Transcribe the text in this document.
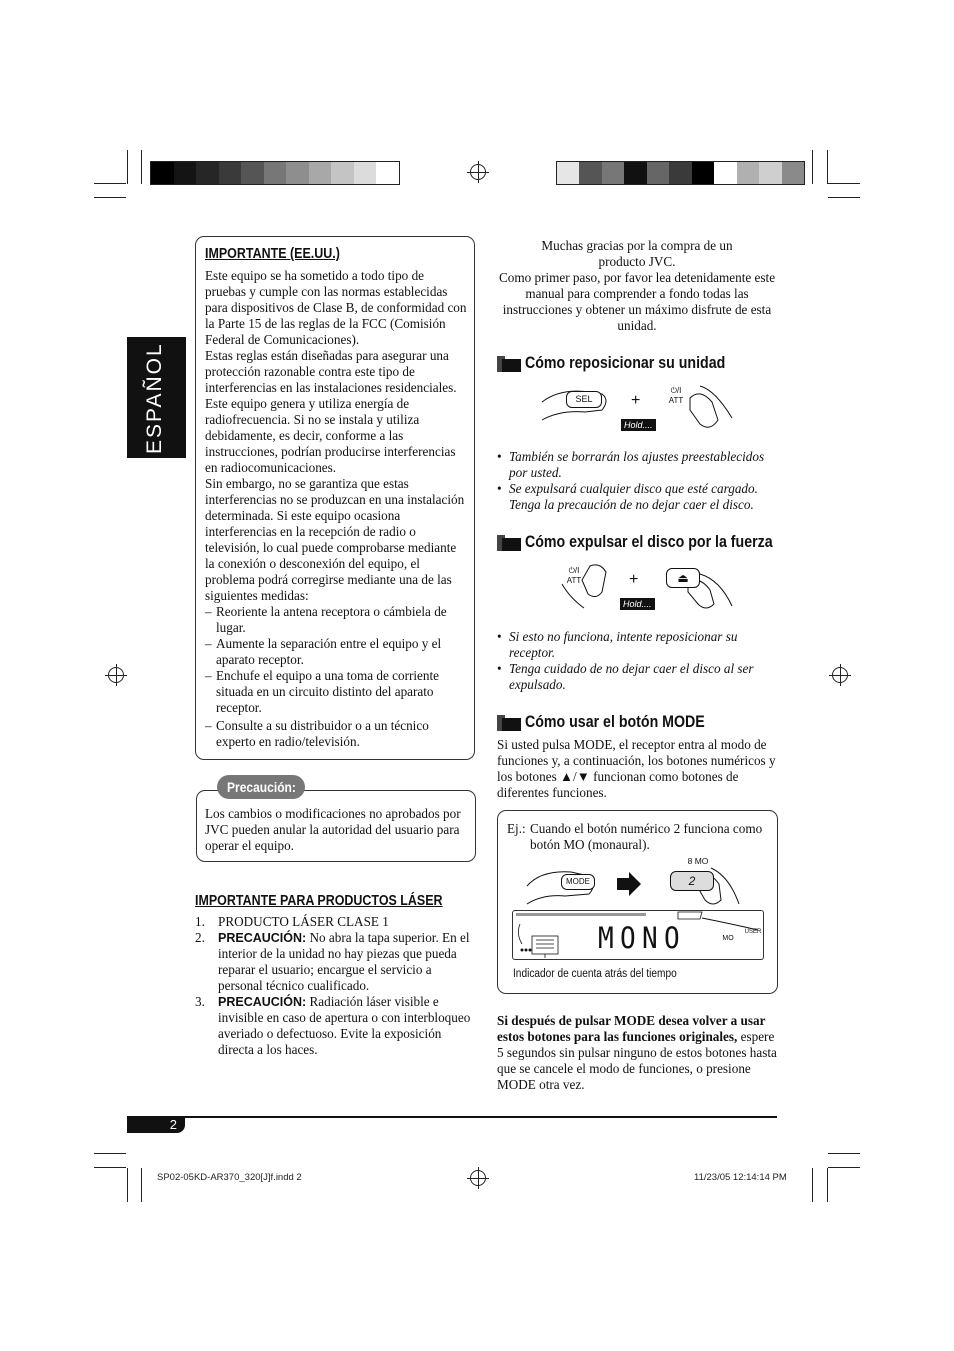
ESPAÑOL
IMPORTANTE (EE.UU.)
Este equipo se ha sometido a todo tipo de pruebas y cumple con las normas establecidas para dispositivos de Clase B, de conformidad con la Parte 15 de las reglas de la FCC (Comisión Federal de Comunicaciones).
Estas reglas están diseñadas para asegurar una protección razonable contra este tipo de interferencias en las instalaciones residenciales. Este equipo genera y utiliza energía de radiofrecuencia. Si no se instala y utiliza debidamente, es decir, conforme a las instrucciones, podrían producirse interferencias en radiocomunicaciones.
Sin embargo, no se garantiza que estas interferencias no se produzcan en una instalación determinada. Si este equipo ocasiona interferencias en la recepción de radio o televisión, lo cual puede comprobarse mediante la conexión o desconexión del equipo, el problema podrá corregirse mediante una de las siguientes medidas:
– Reoriente la antena receptora o cámbiela de lugar.
– Aumente la separación entre el equipo y el aparato receptor.
– Enchufe el equipo a una toma de corriente situada en un circuito distinto del aparato receptor.
– Consulte a su distribuidor o a un técnico experto en radio/televisión.
Precaución:
Los cambios o modificaciones no aprobados por JVC pueden anular la autoridad del usuario para operar el equipo.
IMPORTANTE PARA PRODUCTOS LÁSER
1. PRODUCTO LÁSER CLASE 1
2. PRECAUCIÓN: No abra la tapa superior. En el interior de la unidad no hay piezas que pueda reparar el usuario; encargue el servicio a personal técnico cualificado.
3. PRECAUCIÓN: Radiación láser visible e invisible en caso de apertura o con interbloqueo averiado o defectuoso. Evite la exposición directa a los haces.
Muchas gracias por la compra de un producto JVC.
Como primer paso, por favor lea detenidamente este manual para comprender a fondo todas las instrucciones y obtener un máximo disfrute de esta unidad.
Cómo reposicionar su unidad
SEL	+
⏻/I
ATT
Hold....
• También se borrarán los ajustes preestablecidos por usted.
• Se expulsará cualquier disco que esté cargado. Tenga la precaución de no dejar caer el disco.
Cómo expulsar el disco por la fuerza
⏻/I
ATT	+	⏏
Hold....
• Si esto no funciona, intente reposicionar su receptor.
• Tenga cuidado de no dejar caer el disco al ser expulsado.
Cómo usar el botón MODE
Si usted pulsa MODE, el receptor entra al modo de funciones y, a continuación, los botones numéricos y los botones ▲/▼ funcionan como botones de diferentes funciones.
Ej.: Cuando el botón numérico 2 funciona como botón MO (monaural).
MODE
8 MO
2
MONO	MO
USER
Indicador de cuenta atrás del tiempo
Si después de pulsar MODE desea volver a usar estos botones para las funciones originales, espere 5 segundos sin pulsar ninguno de estos botones hasta que se cancele el modo de funciones, o presione MODE otra vez.
2
SP02-05KD-AR370_320[J]f.indd 2	11/23/05 12:14:14 PM
